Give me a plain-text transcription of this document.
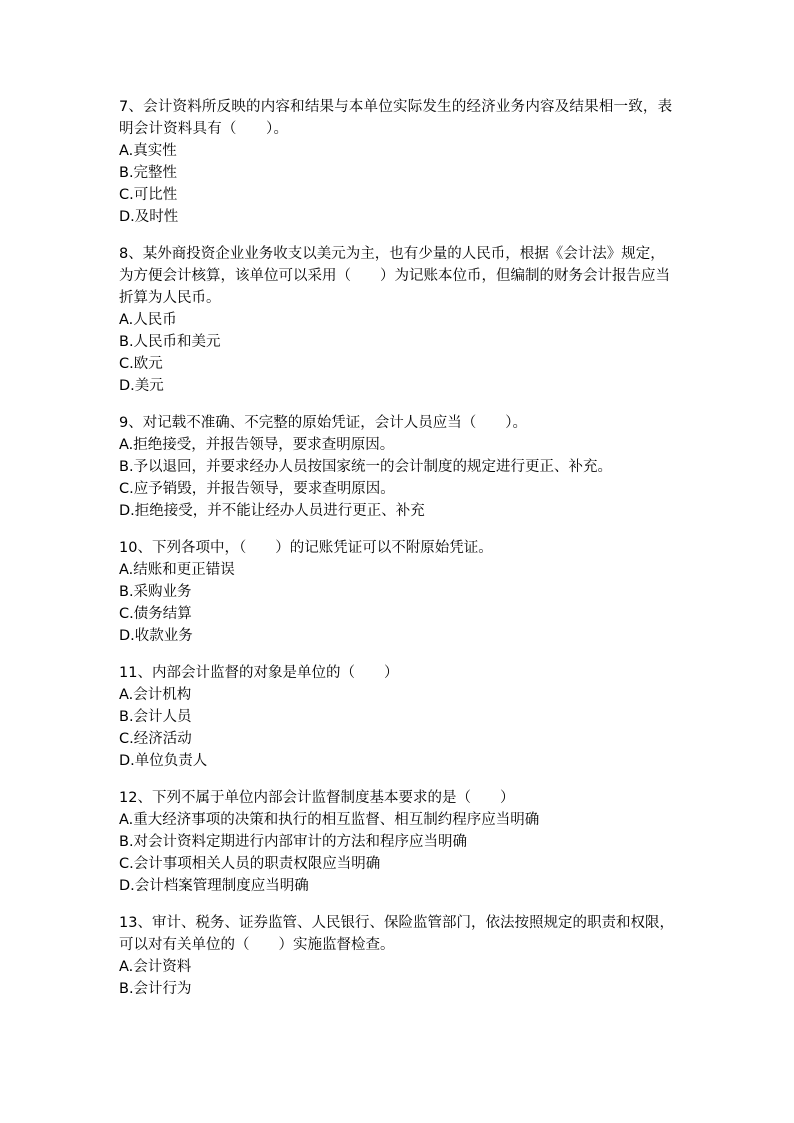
7、会计资料所反映的内容和结果与本单位实际发生的经济业务内容及结果相一致，表明会计资料具有（　　）。

A.真实性

B.完整性

C.可比性

D.及时性

8、某外商投资企业业务收支以美元为主，也有少量的人民币，根据《会计法》规定，为方便会计核算，该单位可以采用（　　）为记账本位币，但编制的财务会计报告应当折算为人民币。

A.人民币

B.人民币和美元

C.欧元

D.美元

9、对记载不准确、不完整的原始凭证，会计人员应当（　　）。

A.拒绝接受，并报告领导，要求查明原因。

B.予以退回，并要求经办人员按国家统一的会计制度的规定进行更正、补充。

C.应予销毁，并报告领导，要求查明原因。

D.拒绝接受，并不能让经办人员进行更正、补充

10、下列各项中，（　　）的记账凭证可以不附原始凭证。

A.结账和更正错误

B.采购业务

C.债务结算

D.收款业务

11、内部会计监督的对象是单位的（　　）

A.会计机构

B.会计人员

C.经济活动

D.单位负责人

12、下列不属于单位内部会计监督制度基本要求的是（　　）

A.重大经济事项的决策和执行的相互监督、相互制约程序应当明确

B.对会计资料定期进行内部审计的方法和程序应当明确

C.会计事项相关人员的职责权限应当明确

D.会计档案管理制度应当明确

13、审计、税务、证券监管、人民银行、保险监管部门，依法按照规定的职责和权限，可以对有关单位的（　　）实施监督检查。

A.会计资料

B.会计行为
